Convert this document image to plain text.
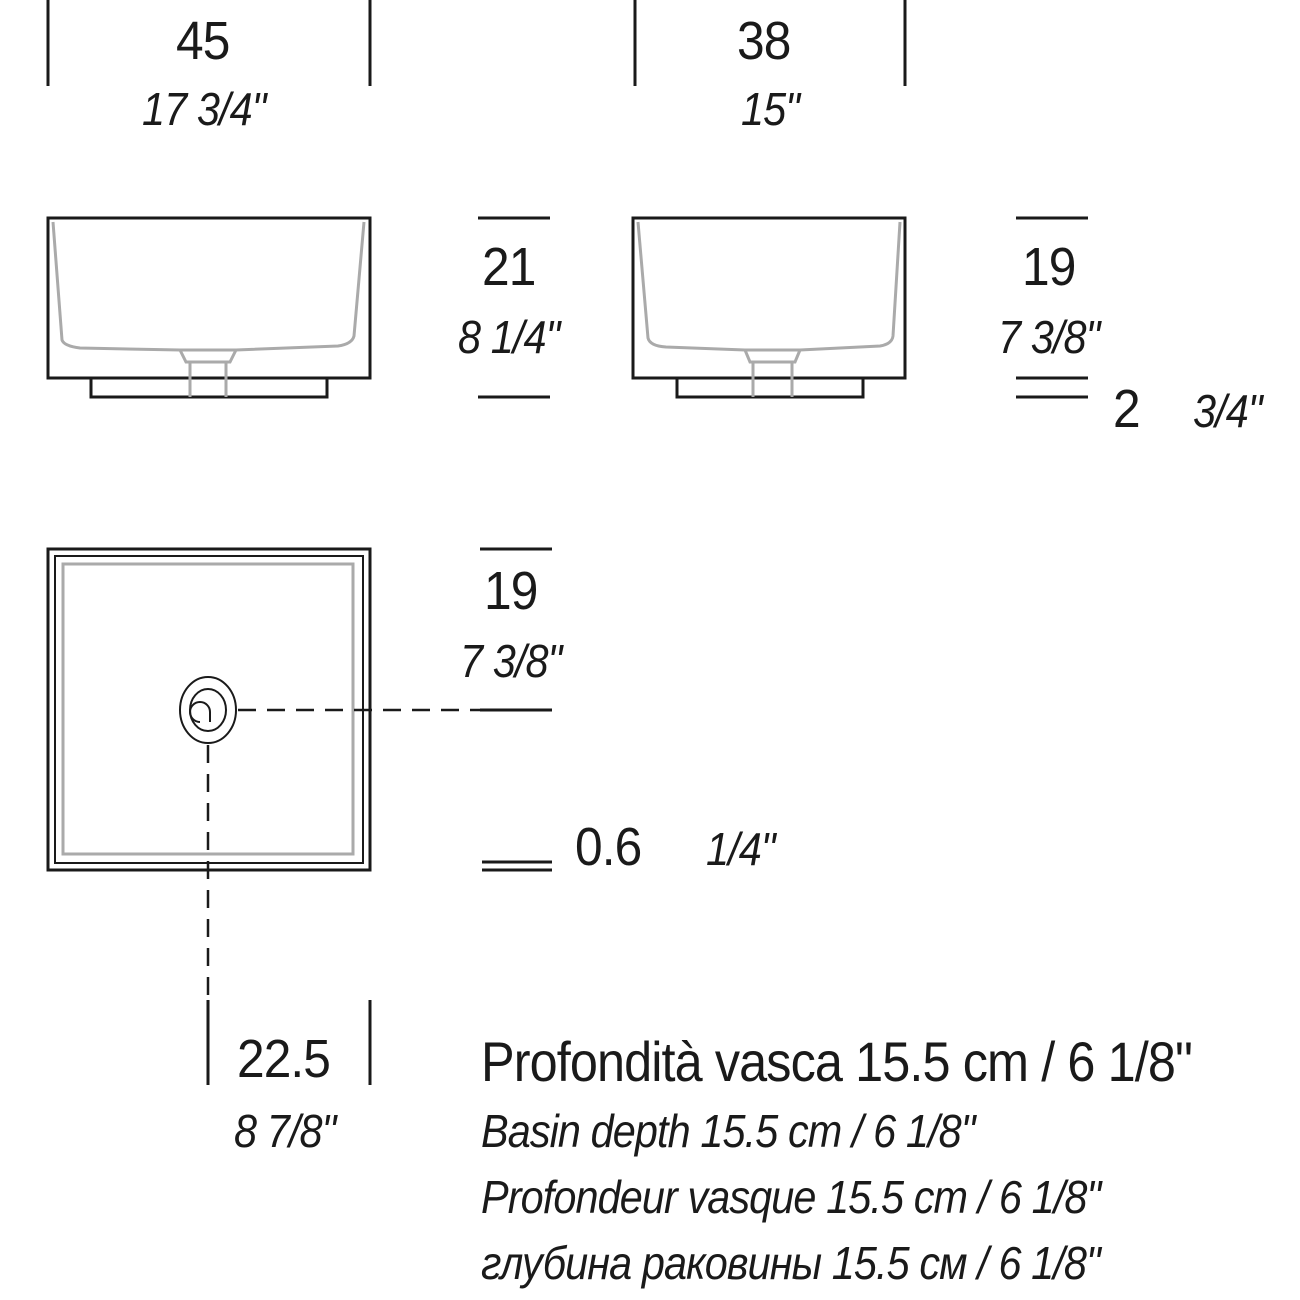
45
17 3/4"
21
8 1/4"
38
15"
19
7 3/8"
2 3/4"
19
7 3/8"
0.6 1/4"
22.5
8 7/8"
Profondità vasca 15.5 cm / 6 1/8"
Basin depth 15.5 cm / 6 1/8"
Profondeur vasque 15.5 cm / 6 1/8"
глубина раковины 15.5 см / 6 1/8"
